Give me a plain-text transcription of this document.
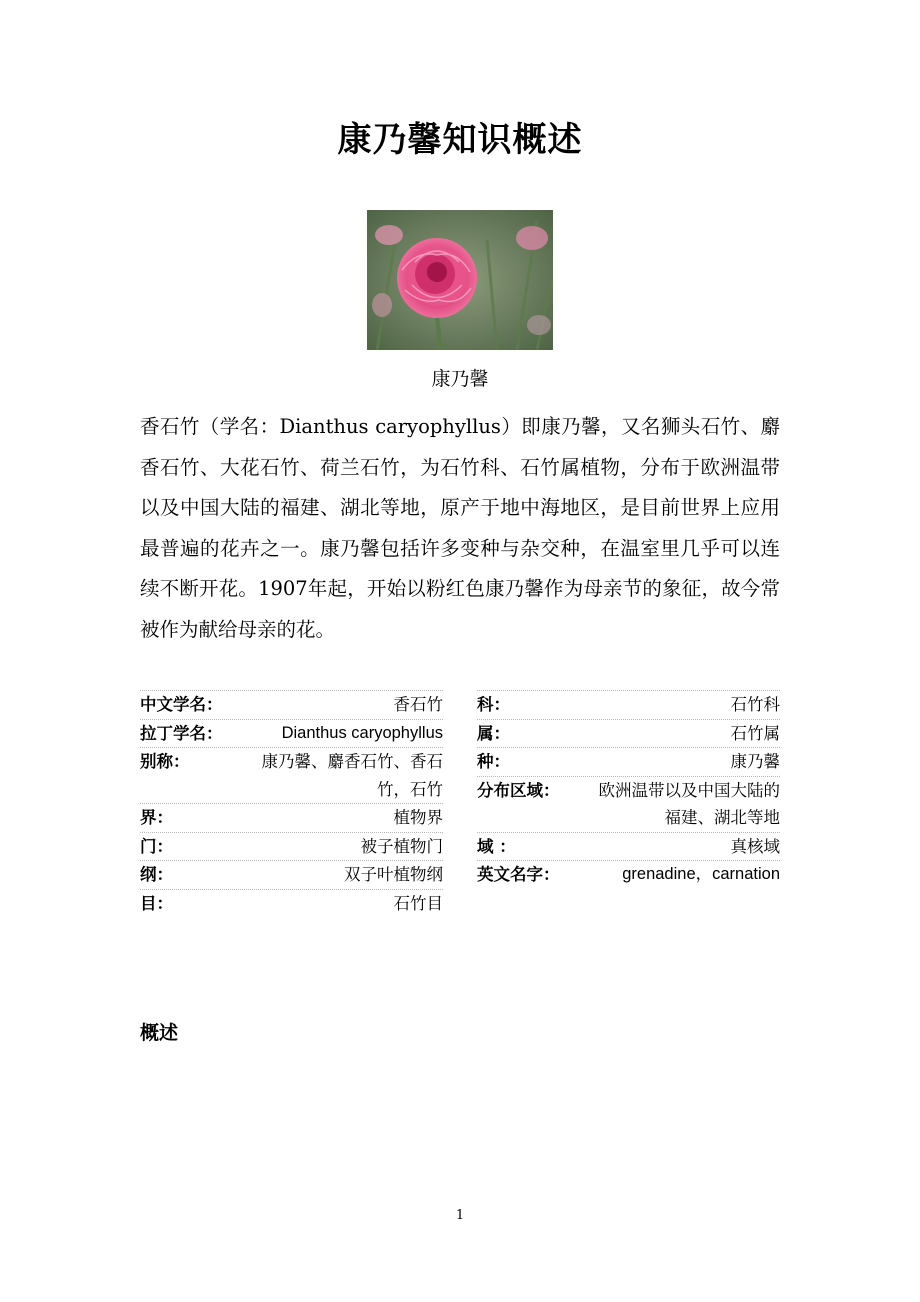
康乃馨知识概述
康乃馨
香石竹（学名：Dianthus caryophyllus）即康乃馨，又名狮头石竹、麝香石竹、大花石竹、荷兰石竹，为石竹科、石竹属植物，分布于欧洲温带以及中国大陆的福建、湖北等地，原产于地中海地区，是目前世界上应用最普遍的花卉之一。康乃馨包括许多变种与杂交种，在温室里几乎可以连续不断开花。1907年起，开始以粉红色康乃馨作为母亲节的象征，故今常被作为献给母亲的花。
中文学名：	香石竹
拉丁学名：	Dianthus caryophyllus
别称：	康乃馨、麝香石竹、香石竹，石竹
界：	植物界
门：	被子植物门
纲：	双子叶植物纲
目：	石竹目
科：	石竹科
属：	石竹属
种：	康乃馨
分布区域：	欧洲温带以及中国大陆的福建、湖北等地
域 ：	真核域
英文名字：	grenadine，carnation
概述
1
